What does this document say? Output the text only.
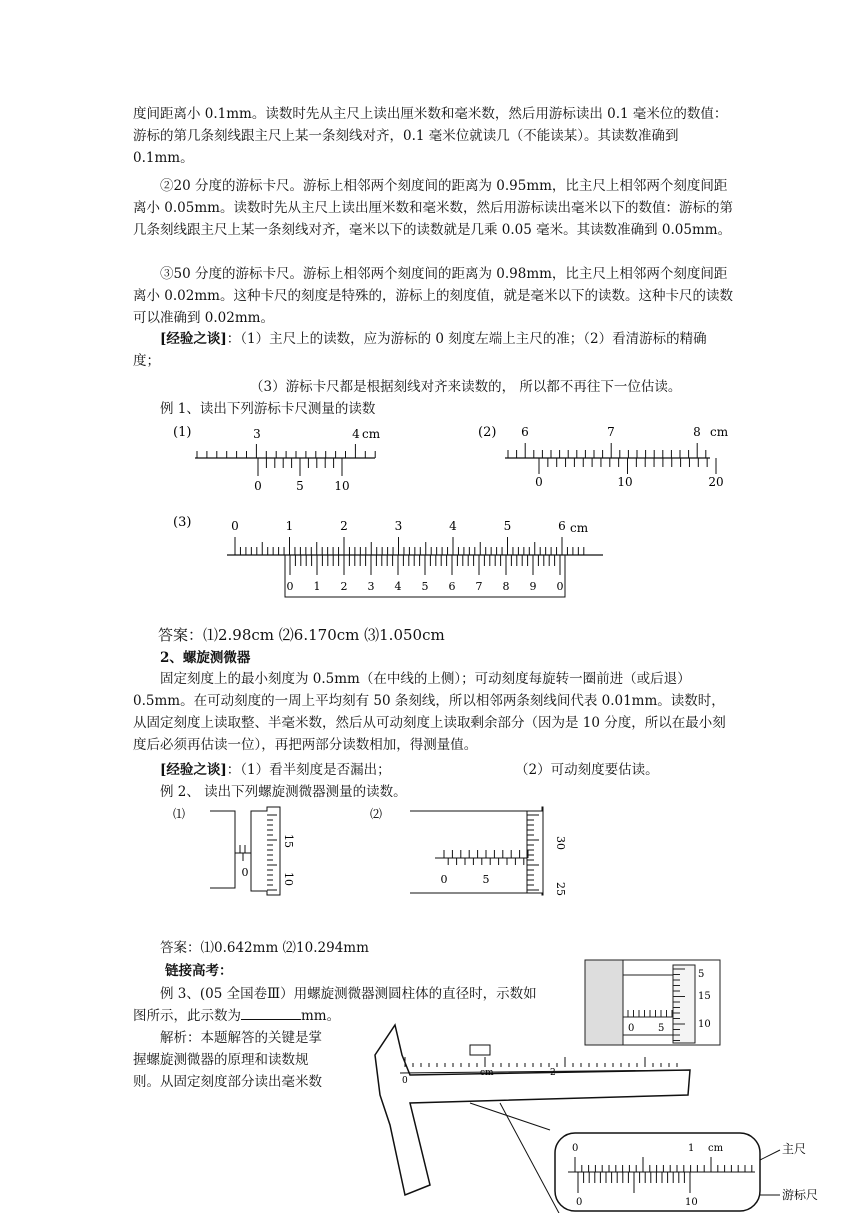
度间距离小 0.1mm。读数时先从主尺上读出厘米数和毫米数，然后用游标读出 0.1 毫米位的数值：游标的第几条刻线跟主尺上某一条刻线对齐，0.1 毫米位就读几（不能读某）。其读数准确到 0.1mm。

②20 分度的游标卡尺。游标上相邻两个刻度间的距离为 0.95mm，比主尺上相邻两个刻度间距离小 0.05mm。读数时先从主尺上读出厘米数和毫米数，然后用游标读出毫米以下的数值：游标的第几条刻线跟主尺上某一条刻线对齐，毫米以下的读数就是几乘 0.05 毫米。其读数准确到 0.05mm。

③50 分度的游标卡尺。游标上相邻两个刻度间的距离为 0.98mm，比主尺上相邻两个刻度间距离小 0.02mm。这种卡尺的刻度是特殊的，游标上的刻度值，就是毫米以下的读数。这种卡尺的读数可以准确到 0.02mm。

[经验之谈]：（1）主尺上的读数，应为游标的 0 刻度左端上主尺的准；（2）看清游标的精确度；

（3）游标卡尺都是根据刻线对齐来读数的， 所以都不再往下一位估读。
例 1、读出下列游标卡尺测量的读数
(1)	3	4 cm
0	5	10
(2) 6	7	8 cm
0	10	20
(3)	0	1	2	3	4	5	6 cm
0 1 2 3 4 5 6 7 8 9 0
答案：⑴2.98cm ⑵6.170cm ⑶1.050cm
2、螺旋测微器

固定刻度上的最小刻度为 0.5mm（在中线的上侧）；可动刻度每旋转一圈前进（或后退）0.5mm。在可动刻度的一周上平均刻有 50 条刻线，所以相邻两条刻线间代表 0.01mm。读数时，从固定刻度上读取整、半毫米数，然后从可动刻度上读取剩余部分（因为是 10 分度，所以在最小刻度后必须再估读一位），再把两部分读数相加，得测量值。

[经验之谈]：（1）看半刻度是否漏出；	（2）可动刻度要估读。
例 2、 读出下列螺旋测微器测量的读数。
⑴
0
15
10
⑵
0	5
30
25
答案：⑴0.642mm ⑵10.294mm
链接高考：
例 3、(05 全国卷Ⅲ）用螺旋测微器测圆柱体的直径时，示数如
图所示，此示数为	mm。
解析：本题解答的关键是掌
握螺旋测微器的原理和读数规
则。从固定刻度部分读出毫米数
0 5
15
10
5
0
cm	2
0	1 cm
0	10
主尺
游标尺
